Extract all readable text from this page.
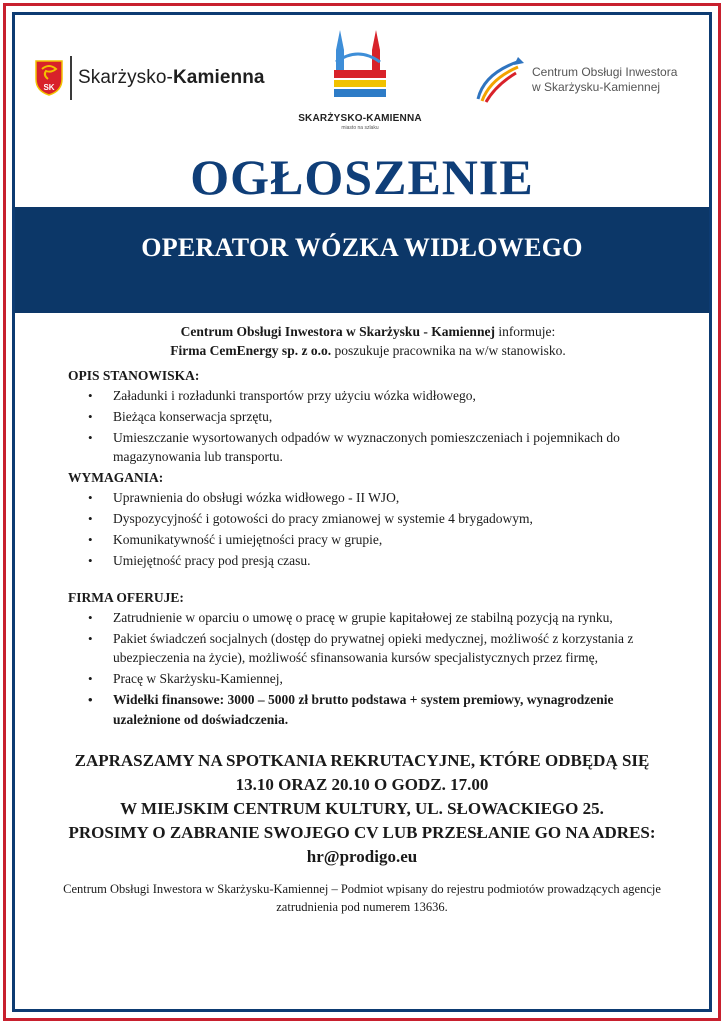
SK Skarżysko-Kamienna
SKARŻYSKO-KAMIENNA
miasto na szlaku
Centrum Obsługi Inwestora
w Skarżysku-Kamiennej
OGŁOSZENIE
OPERATOR WÓZKA WIDŁOWEGO
Centrum Obsługi Inwestora w Skarżysku - Kamiennej informuje:
Firma CemEnergy sp. z o.o. poszukuje pracownika na w/w stanowisko.
OPIS STANOWISKA:
• Załadunki i rozładunki transportów przy użyciu wózka widłowego,
• Bieżąca konserwacja sprzętu,
• Umieszczanie wysortowanych odpadów w wyznaczonych pomieszczeniach i pojemnikach do magazynowania lub transportu.
WYMAGANIA:
• Uprawnienia do obsługi wózka widłowego - II WJO,
• Dyspozycyjność i gotowości do pracy zmianowej w systemie 4 brygadowym,
• Komunikatywność i umiejętności pracy w grupie,
• Umiejętność pracy pod presją czasu.
FIRMA OFERUJE:
• Zatrudnienie w oparciu o umowę o pracę w grupie kapitałowej ze stabilną pozycją na rynku,
• Pakiet świadczeń socjalnych (dostęp do prywatnej opieki medycznej, możliwość z korzystania z ubezpieczenia na życie), możliwość sfinansowania kursów specjalistycznych przez firmę,
• Pracę w Skarżysku-Kamiennej,
• Widełki finansowe: 3000 – 5000 zł brutto podstawa + system premiowy, wynagrodzenie uzależnione od doświadczenia.
ZAPRASZAMY NA SPOTKANIA REKRUTACYJNE, KTÓRE ODBĘDĄ SIĘ
13.10 ORAZ 20.10 O GODZ. 17.00
W MIEJSKIM CENTRUM KULTURY, UL. SŁOWACKIEGO 25.
PROSIMY O ZABRANIE SWOJEGO CV LUB PRZESŁANIE GO NA ADRES:
hr@prodigo.eu
Centrum Obsługi Inwestora w Skarżysku-Kamiennej – Podmiot wpisany do rejestru podmiotów prowadzących agencje zatrudnienia pod numerem 13636.
